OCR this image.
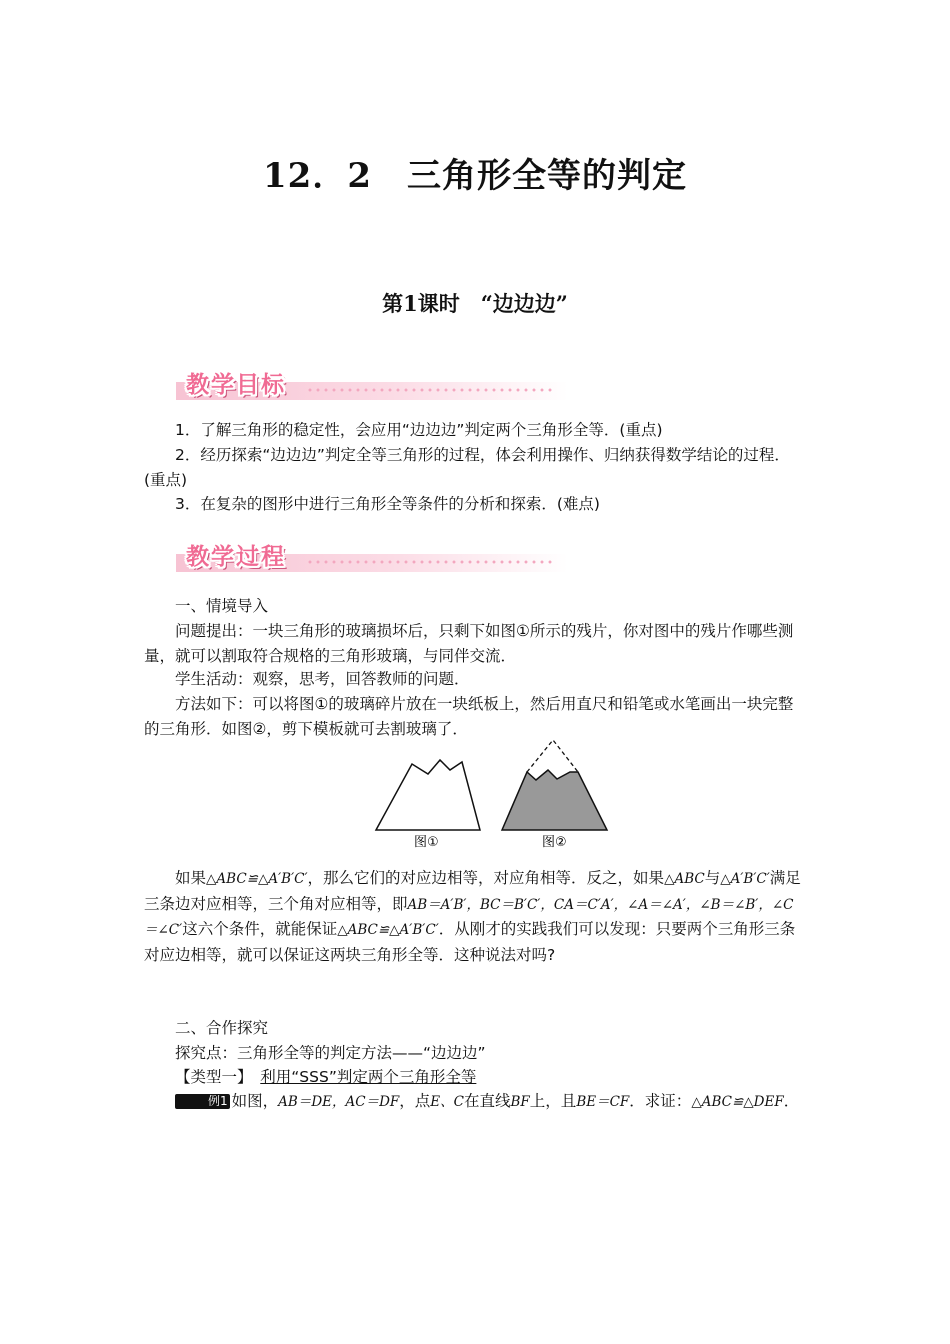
12．2　三角形全等的判定
第1课时　“边边边”
教学目标
1．了解三角形的稳定性，会应用“边边边”判定两个三角形全等．(重点)
2．经历探索“边边边”判定全等三角形的过程，体会利用操作、归纳获得数学结论的过程．(重点)
3．在复杂的图形中进行三角形全等条件的分析和探索．(难点)
教学过程
一、情境导入
问题提出：一块三角形的玻璃损坏后，只剩下如图①所示的残片，你对图中的残片作哪些测量，就可以割取符合规格的三角形玻璃，与同伴交流．
学生活动：观察，思考，回答教师的问题．
方法如下：可以将图①的玻璃碎片放在一块纸板上，然后用直尺和铅笔或水笔画出一块完整的三角形．如图②，剪下模板就可去割玻璃了．
图①	图②
如果△ABC≌△A′B′C′，那么它们的对应边相等，对应角相等．反之，如果△ABC与△A′B′C′满足三条边对应相等，三个角对应相等，即AB＝A′B′，BC＝B′C′，CA＝C′A′，∠A＝∠A′，∠B＝∠B′，∠C＝∠C′这六个条件，就能保证△ABC≌△A′B′C′．从刚才的实践我们可以发现：只要两个三角形三条对应边相等，就可以保证这两块三角形全等．这种说法对吗?
二、合作探究
探究点：三角形全等的判定方法——“边边边”
【类型一】　 利用“SSS”判定两个三角形全等
例1 如图，AB＝DE，AC＝DF，点E、C在直线BF上，且BE＝CF．求证：△ABC≌△DEF．
